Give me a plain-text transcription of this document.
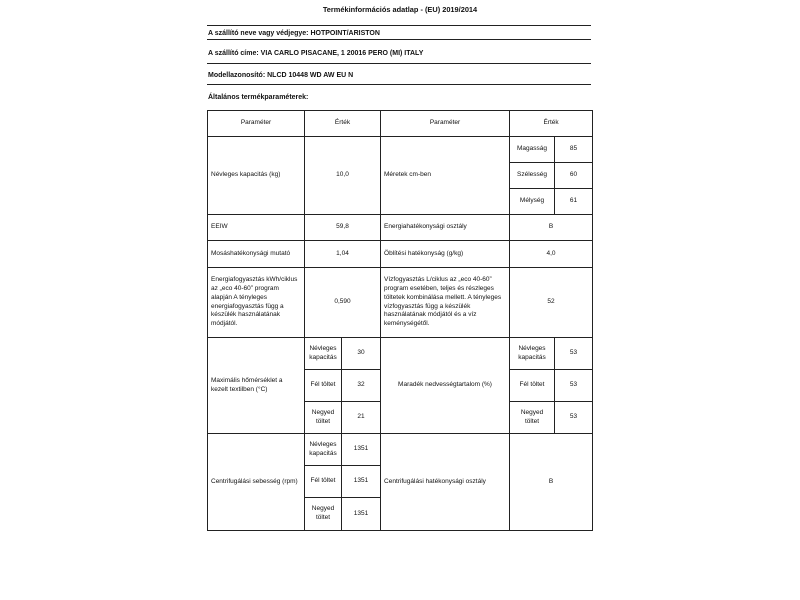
Termékinformációs adatlap - (EU) 2019/2014
A szállító neve vagy védjegye: HOTPOINT/ARISTON
A szállító címe: VIA CARLO PISACANE, 1 20016 PERO (MI) ITALY
Modellazonosító: NLCD 10448 WD AW EU N
Általános termékparaméterek:
Paraméter	Érték		Paraméter	Érték	
Névleges kapacitás (kg)	10,0		Méretek cm-ben	Magasság	85
				Szélesség	60
				Mélység	61
EEIW	59,8		Energiahatékonysági osztály	B	
Mosáshatékonysági mutató	1,04		Öblítési hatékonyság (g/kg)	4,0	
Energiafogyasztás kWh/ciklus az „eco 40-60” program alapján A tényleges energiafogyasztás függ a készülék használatának módjától.	0,590		Vízfogyasztás L/ciklus az „eco 40-60” program esetében, teljes és részleges töltetek kombinálása mellett. A tényleges vízfogyasztás függ a készülék használatának módjától és a víz keménységétől.	52	
Maximális hőmérséklet a kezelt textilben (°C)	Névleges kapacitás	30	Maradék nedvességtartalom (%)	Névleges kapacitás	53
	Fél töltet	32		Fél töltet	53
	Negyed töltet	21		Negyed töltet	53
Centrifugálási sebesség (rpm)	Névleges kapacitás	1351	Centrifugálási hatékonysági osztály	B	
	Fél töltet	1351			
	Negyed töltet	1351			
